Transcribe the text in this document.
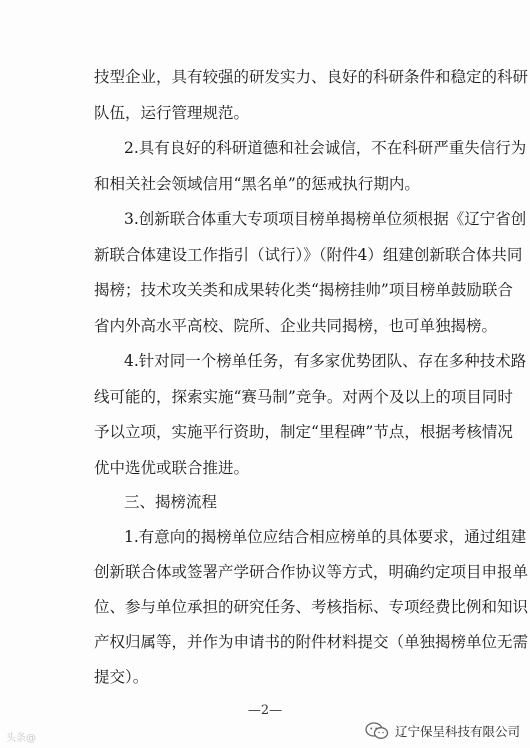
技型企业，具有较强的研发实力、良好的科研条件和稳定的科研
队伍，运行管理规范。
2.具有良好的科研道德和社会诚信，不在科研严重失信行为
和相关社会领域信用“黑名单”的惩戒执行期内。
3.创新联合体重大专项项目榜单揭榜单位须根据《辽宁省创
新联合体建设工作指引（试行）》（附件4）组建创新联合体共同
揭榜；技术攻关类和成果转化类“揭榜挂帅”项目榜单鼓励联合
省内外高水平高校、院所、企业共同揭榜，也可单独揭榜。
4.针对同一个榜单任务，有多家优势团队、存在多种技术路
线可能的，探索实施“赛马制”竞争。对两个及以上的项目同时
予以立项，实施平行资助，制定“里程碑”节点，根据考核情况
优中选优或联合推进。
三、揭榜流程
1.有意向的揭榜单位应结合相应榜单的具体要求，通过组建
创新联合体或签署产学研合作协议等方式，明确约定项目申报单
位、参与单位承担的研究任务、考核指标、专项经费比例和知识
产权归属等，并作为申请书的附件材料提交（单独揭榜单位无需
提交）。
—2—
头条@	辽宁保呈科技有限公司
